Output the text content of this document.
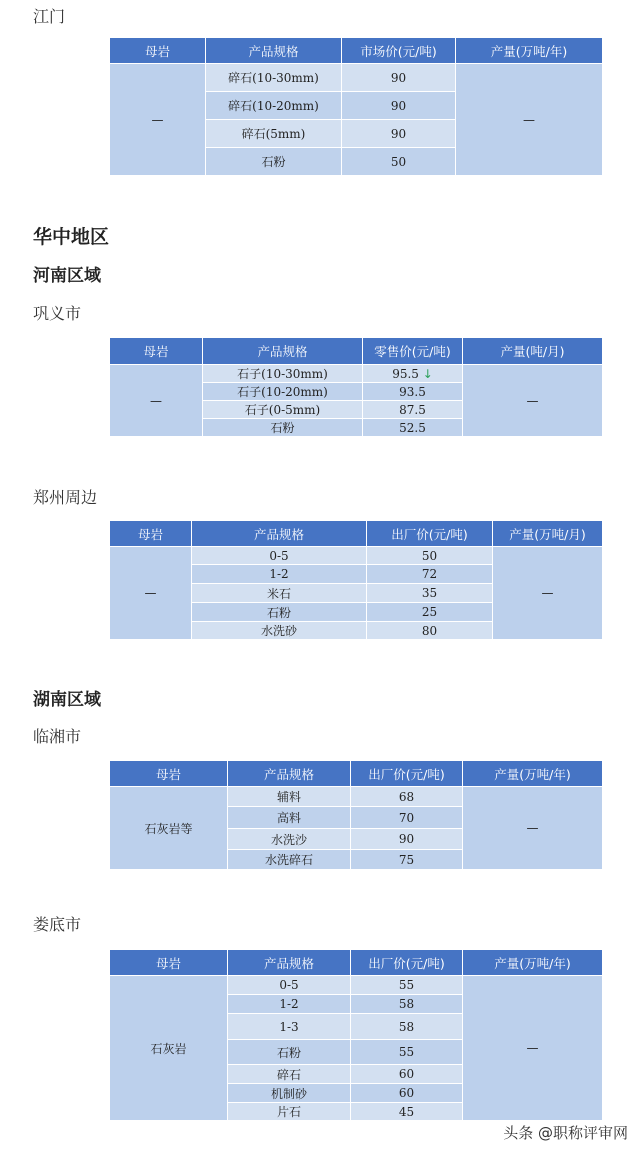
江门
母岩	产品规格	市场价(元/吨)	产量(万吨/年)
—	碎石(10-30mm)	90	—
	碎石(10-20mm)	90	
	碎石(5mm)	90	
	石粉	50	
华中地区
河南区域
巩义市
母岩	产品规格	零售价(元/吨)	产量(吨/月)
—	石子(10-30mm)	95.5 ↓	—
	石子(10-20mm)	93.5	
	石子(0-5mm)	87.5	
	石粉	52.5	
郑州周边
母岩	产品规格	出厂价(元/吨)	产量(万吨/月)
—	0-5	50	—
	1-2	72	
	米石	35	
	石粉	25	
	水洗砂	80	
湖南区域
临湘市
母岩	产品规格	出厂价(元/吨)	产量(万吨/年)
石灰岩等	辅料	68	—
	高料	70	
	水洗沙	90	
	水洗碎石	75	
娄底市
母岩	产品规格	出厂价(元/吨)	产量(万吨/年)
石灰岩	0-5	55	—
	1-2	58	
	1-3	58	
	石粉	55	
	碎石	60	
	机制砂	60	
	片石	45	
头条 @职称评审网
